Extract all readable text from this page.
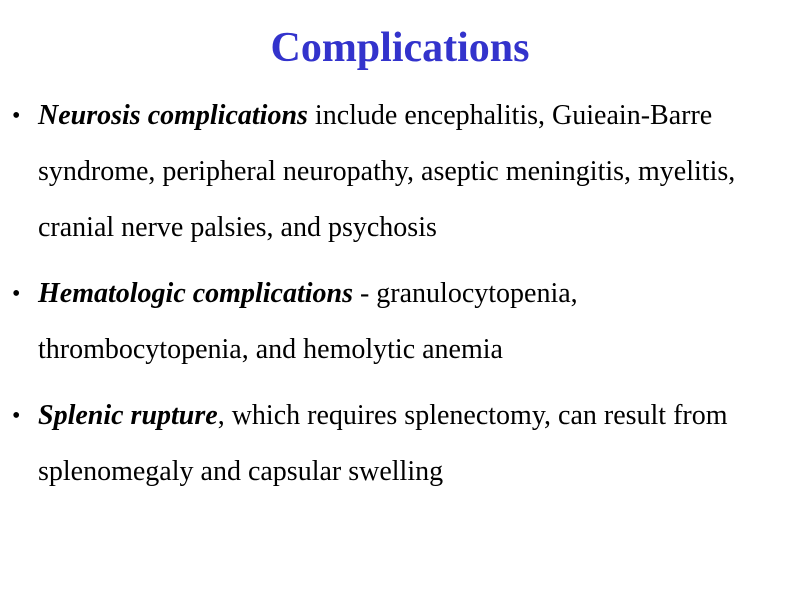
Complications
• Neurosis complications include encephalitis, Guieain-Barre syndrome, peripheral neuropathy, aseptic meningitis, myelitis, cranial nerve palsies, and psychosis
• Hematologic complications - granulocytopenia, thrombocytopenia, and hemolytic anemia
• Splenic rupture, which requires splenectomy, can result from splenomegaly and capsular swelling
